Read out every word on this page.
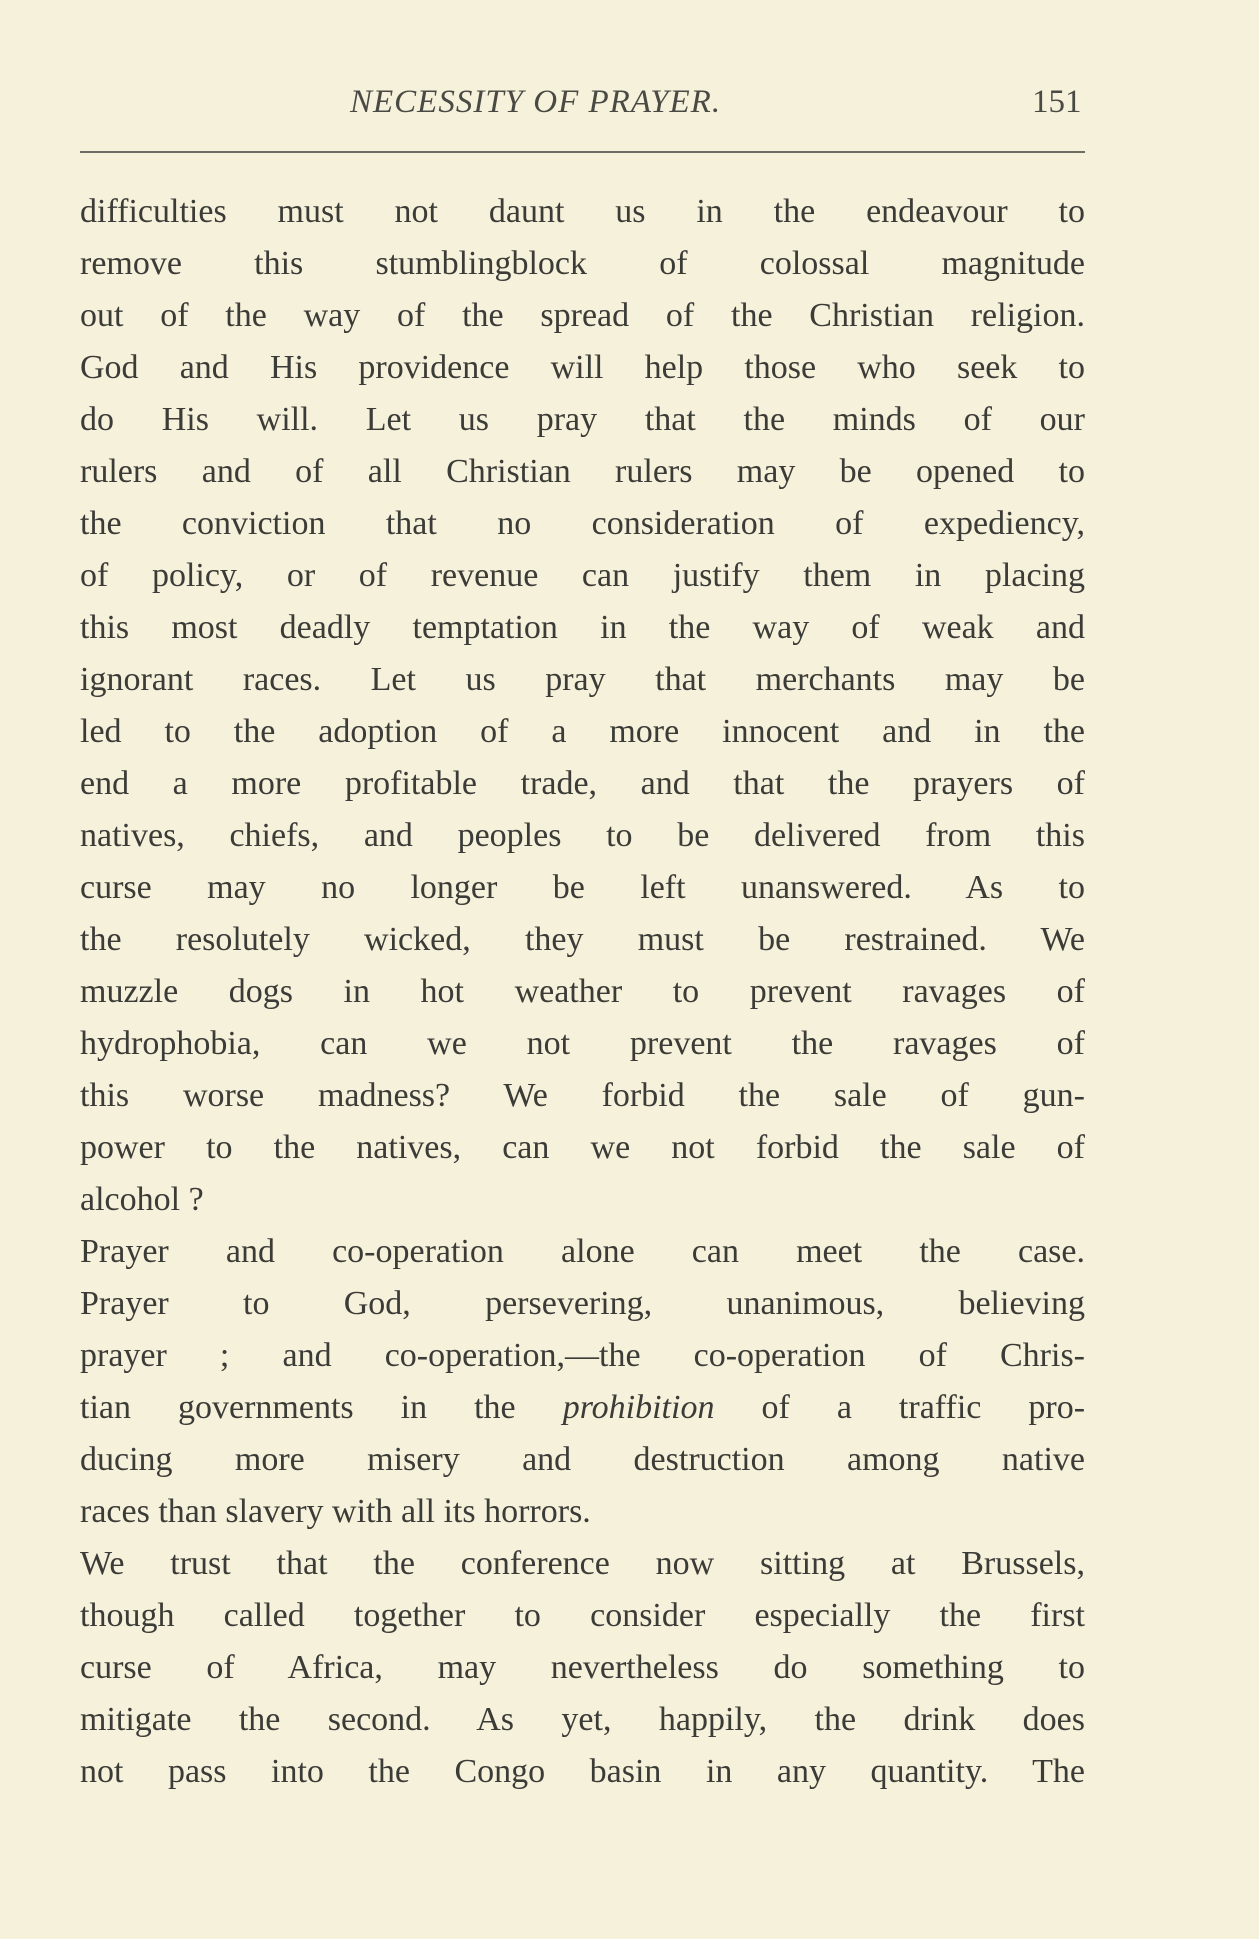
NECESSITY OF PRAYER.	151
difficulties must not daunt us in the endeavour to
remove this stumblingblock of colossal magnitude
out of the way of the spread of the Christian religion.
God and His providence will help those who seek to
do His will. Let us pray that the minds of our
rulers and of all Christian rulers may be opened to
the conviction that no consideration of expediency,
of policy, or of revenue can justify them in placing
this most deadly temptation in the way of weak and
ignorant races. Let us pray that merchants may be
led to the adoption of a more innocent and in the
end a more profitable trade, and that the prayers of
natives, chiefs, and peoples to be delivered from this
curse may no longer be left unanswered. As to
the resolutely wicked, they must be restrained. We
muzzle dogs in hot weather to prevent ravages of
hydrophobia, can we not prevent the ravages of
this worse madness? We forbid the sale of gun-
power to the natives, can we not forbid the sale of
alcohol ?
Prayer and co-operation alone can meet the case.
Prayer to God, persevering, unanimous, believing
prayer ; and co-operation,—the co-operation of Chris-
tian governments in the prohibition of a traffic pro-
ducing more misery and destruction among native
races than slavery with all its horrors.
We trust that the conference now sitting at Brussels,
though called together to consider especially the first
curse of Africa, may nevertheless do something to
mitigate the second. As yet, happily, the drink does
not pass into the Congo basin in any quantity. The
